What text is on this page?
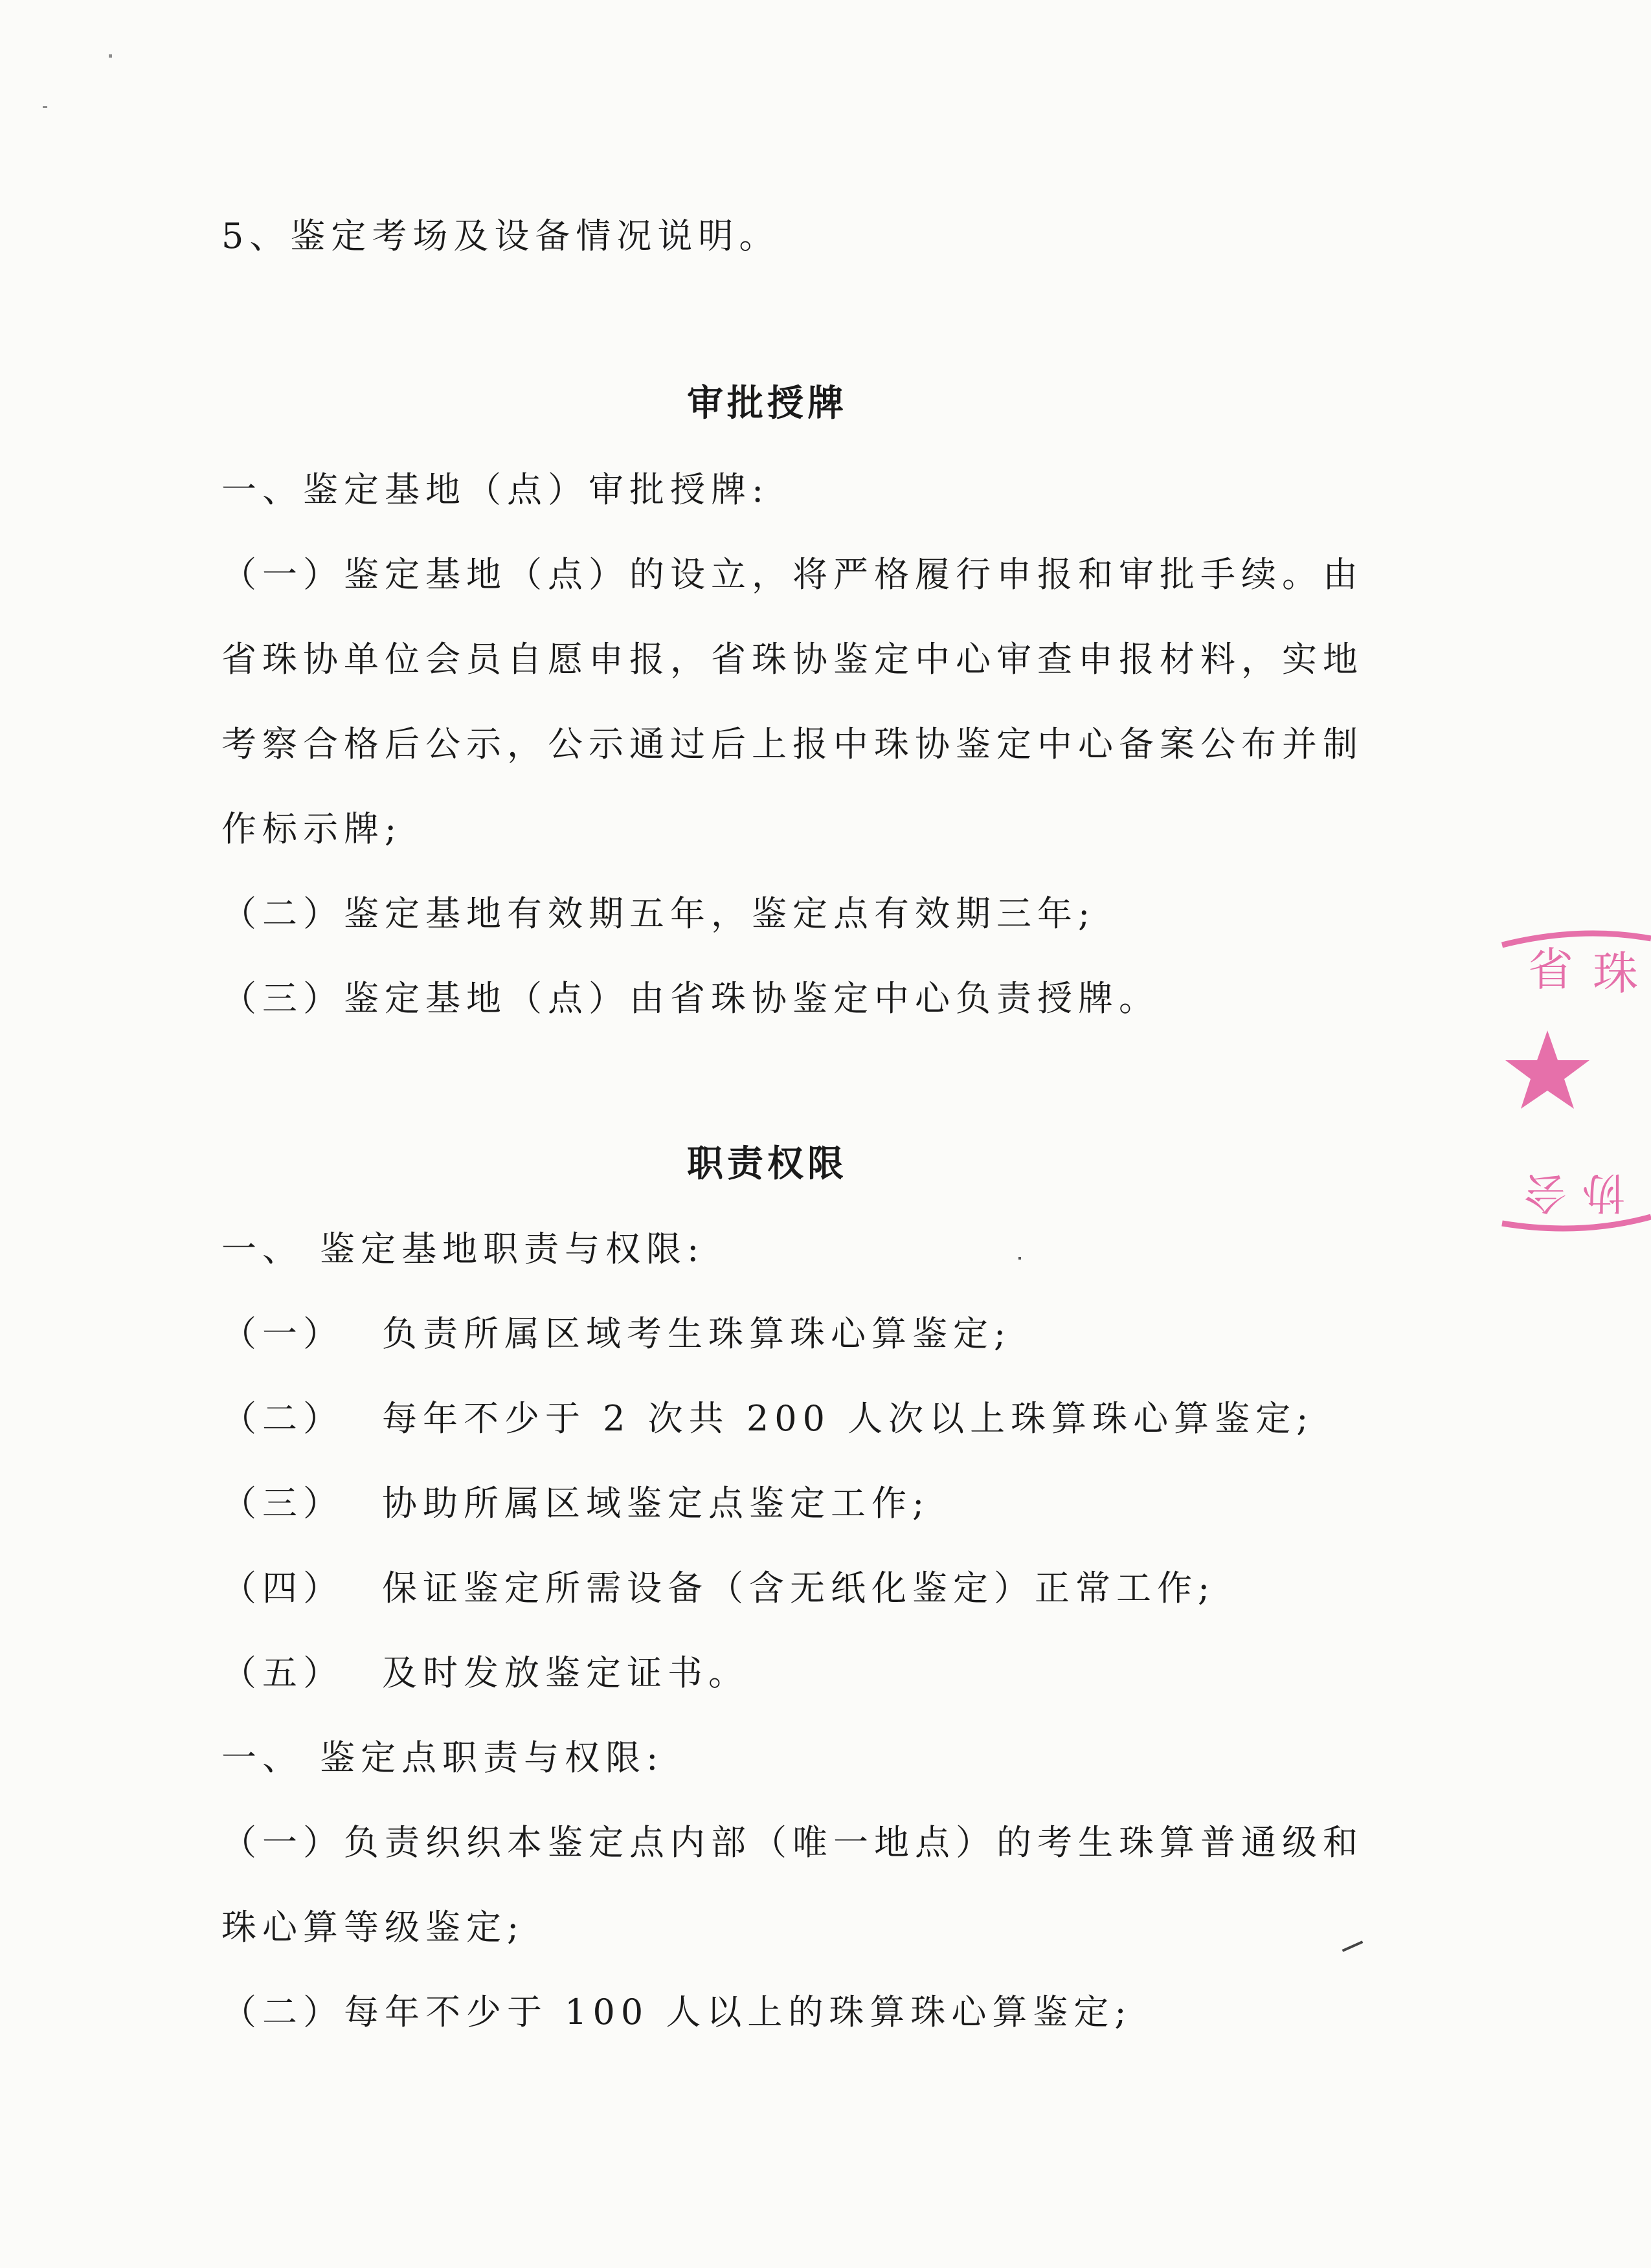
5、鉴定考场及设备情况说明。
审批授牌
一、鉴定基地（点）审批授牌:
（一）鉴定基地（点）的设立，将严格履行申报和审批手续。由
省珠协单位会员自愿申报，省珠协鉴定中心审查申报材料，实地
考察合格后公示，公示通过后上报中珠协鉴定中心备案公布并制
作标示牌;
（二）鉴定基地有效期五年，鉴定点有效期三年;
（三）鉴定基地（点）由省珠协鉴定中心负责授牌。
职责权限
一、 鉴定基地职责与权限:
（一） 负责所属区域考生珠算珠心算鉴定;
（二） 每年不少于 2 次共 200 人次以上珠算珠心算鉴定;
（三） 协助所属区域鉴定点鉴定工作;
（四） 保证鉴定所需设备（含无纸化鉴定）正常工作;
（五） 及时发放鉴定证书。
一、 鉴定点职责与权限:
（一）负责织织本鉴定点内部（唯一地点）的考生珠算普通级和
珠心算等级鉴定;
（二）每年不少于 100 人以上的珠算珠心算鉴定;
省 珠
协
会
